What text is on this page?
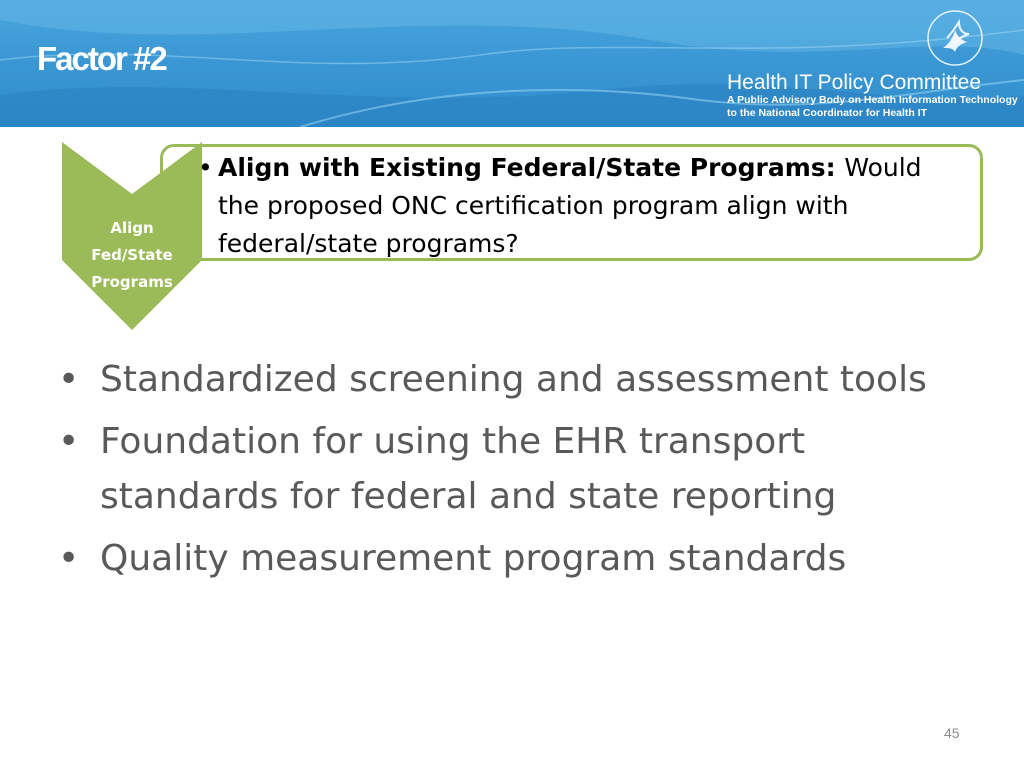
Factor #2
Health IT Policy Committee
A Public Advisory Body on Health Information Technology
to the National Coordinator for Health IT
Align
Fed/State
Programs
• Align with Existing Federal/State Programs: Would the proposed ONC certification program align with federal/state programs?
• Standardized screening and assessment tools
• Foundation for using the EHR transport standards for federal and state reporting
• Quality measurement program standards
45
